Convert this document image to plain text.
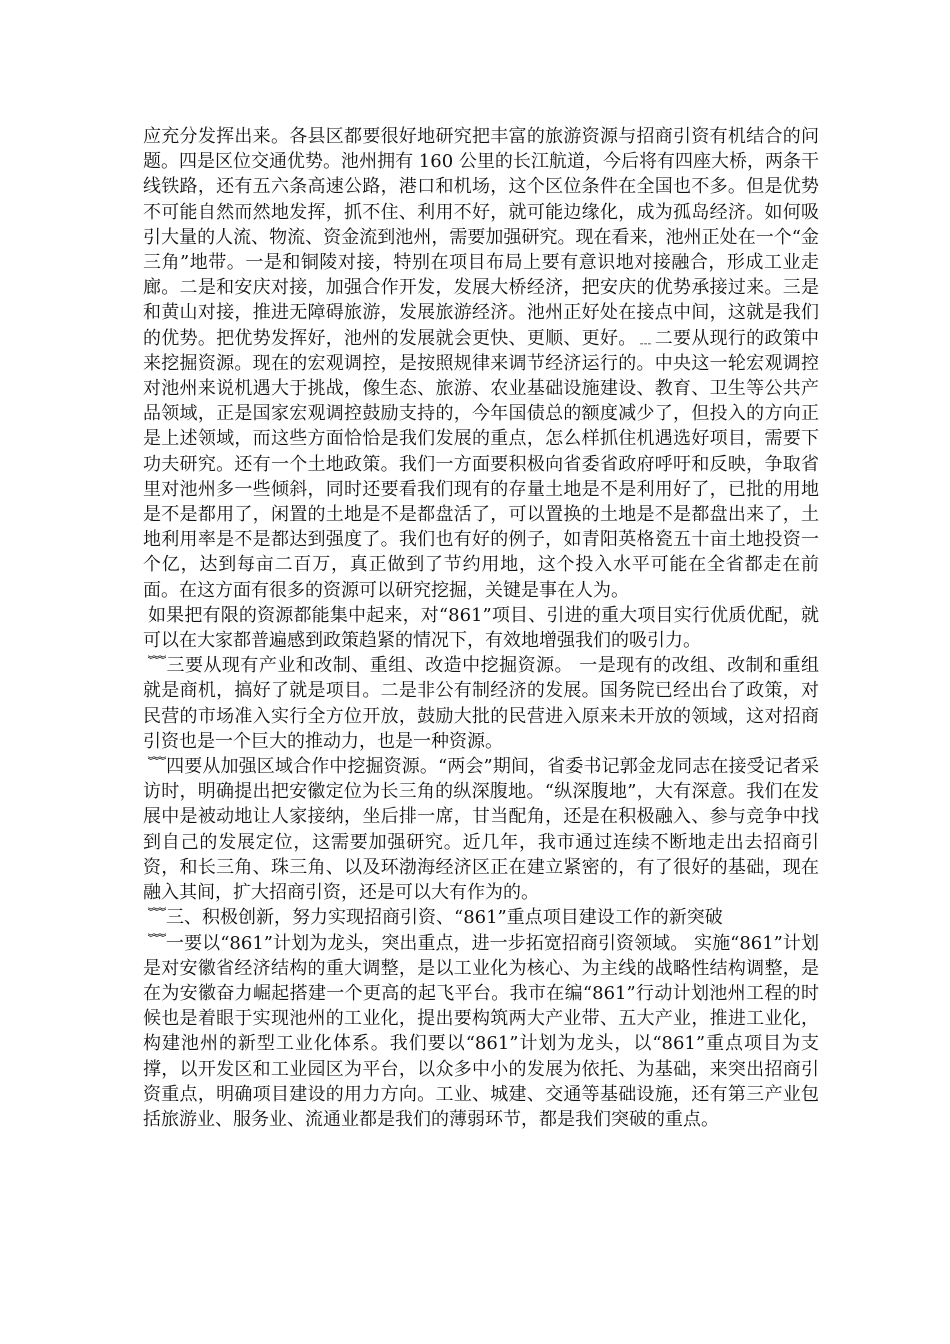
应充分发挥出来。各县区都要很好地研究把丰富的旅游资源与招商引资有机结合的问题。四是区位交通优势。池州拥有 160 公里的长江航道，今后将有四座大桥，两条干线铁路，还有五六条高速公路，港口和机场，这个区位条件在全国也不多。但是优势不可能自然而然地发挥，抓不住、利用不好，就可能边缘化，成为孤岛经济。如何吸引大量的人流、物流、资金流到池州，需要加强研究。现在看来，池州正处在一个“金三角”地带。一是和铜陵对接，特别在项目布局上要有意识地对接融合，形成工业走廊。二是和安庆对接，加强合作开发，发展大桥经济，把安庆的优势承接过来。三是和黄山对接，推进无障碍旅游，发展旅游经济。池州正好处在接点中间，这就是我们的优势。把优势发挥好，池州的发展就会更快、更顺、更好。﹍二要从现行的政策中来挖掘资源。现在的宏观调控，是按照规律来调节经济运行的。中央这一轮宏观调控对池州来说机遇大于挑战，像生态、旅游、农业基础设施建设、教育、卫生等公共产品领域，正是国家宏观调控鼓励支持的，今年国债总的额度减少了，但投入的方向正是上述领域，而这些方面恰恰是我们发展的重点，怎么样抓住机遇选好项目，需要下功夫研究。还有一个土地政策。我们一方面要积极向省委省政府呼吁和反映，争取省里对池州多一些倾斜，同时还要看我们现有的存量土地是不是利用好了，已批的用地是不是都用了，闲置的土地是不是都盘活了，可以置换的土地是不是都盘出来了，土地利用率是不是都达到强度了。我们也有好的例子，如青阳英格瓷五十亩土地投资一个亿，达到每亩二百万，真正做到了节约用地，这个投入水平可能在全省都走在前面。在这方面有很多的资源可以研究挖掘，关键是事在人为。

如果把有限的资源都能集中起来，对“861”项目、引进的重大项目实行优质优配，就可以在大家都普遍感到政策趋紧的情况下，有效地增强我们的吸引力。

﹌三要从现有产业和改制、重组、改造中挖掘资源。 一是现有的改组、改制和重组就是商机，搞好了就是项目。二是非公有制经济的发展。国务院已经出台了政策，对民营的市场准入实行全方位开放，鼓励大批的民营进入原来未开放的领域，这对招商引资也是一个巨大的推动力，也是一种资源。

﹌四要从加强区域合作中挖掘资源。“两会”期间，省委书记郭金龙同志在接受记者采访时，明确提出把安徽定位为长三角的纵深腹地。“纵深腹地”，大有深意。我们在发展中是被动地让人家接纳，坐后排一席，甘当配角，还是在积极融入、参与竞争中找到自己的发展定位，这需要加强研究。近几年，我市通过连续不断地走出去招商引资，和长三角、珠三角、以及环渤海经济区正在建立紧密的，有了很好的基础，现在融入其间，扩大招商引资，还是可以大有作为的。

﹌三、积极创新，努力实现招商引资、“861”重点项目建设工作的新突破

﹌一要以“861”计划为龙头，突出重点，进一步拓宽招商引资领域。 实施“861”计划是对安徽省经济结构的重大调整，是以工业化为核心、为主线的战略性结构调整，是在为安徽奋力崛起搭建一个更高的起飞平台。我市在编“861”行动计划池州工程的时候也是着眼于实现池州的工业化，提出要构筑两大产业带、五大产业，推进工业化，构建池州的新型工业化体系。我们要以“861”计划为龙头，以“861”重点项目为支撑，以开发区和工业园区为平台，以众多中小的发展为依托、为基础，来突出招商引资重点，明确项目建设的用力方向。工业、城建、交通等基础设施，还有第三产业包括旅游业、服务业、流通业都是我们的薄弱环节，都是我们突破的重点。
